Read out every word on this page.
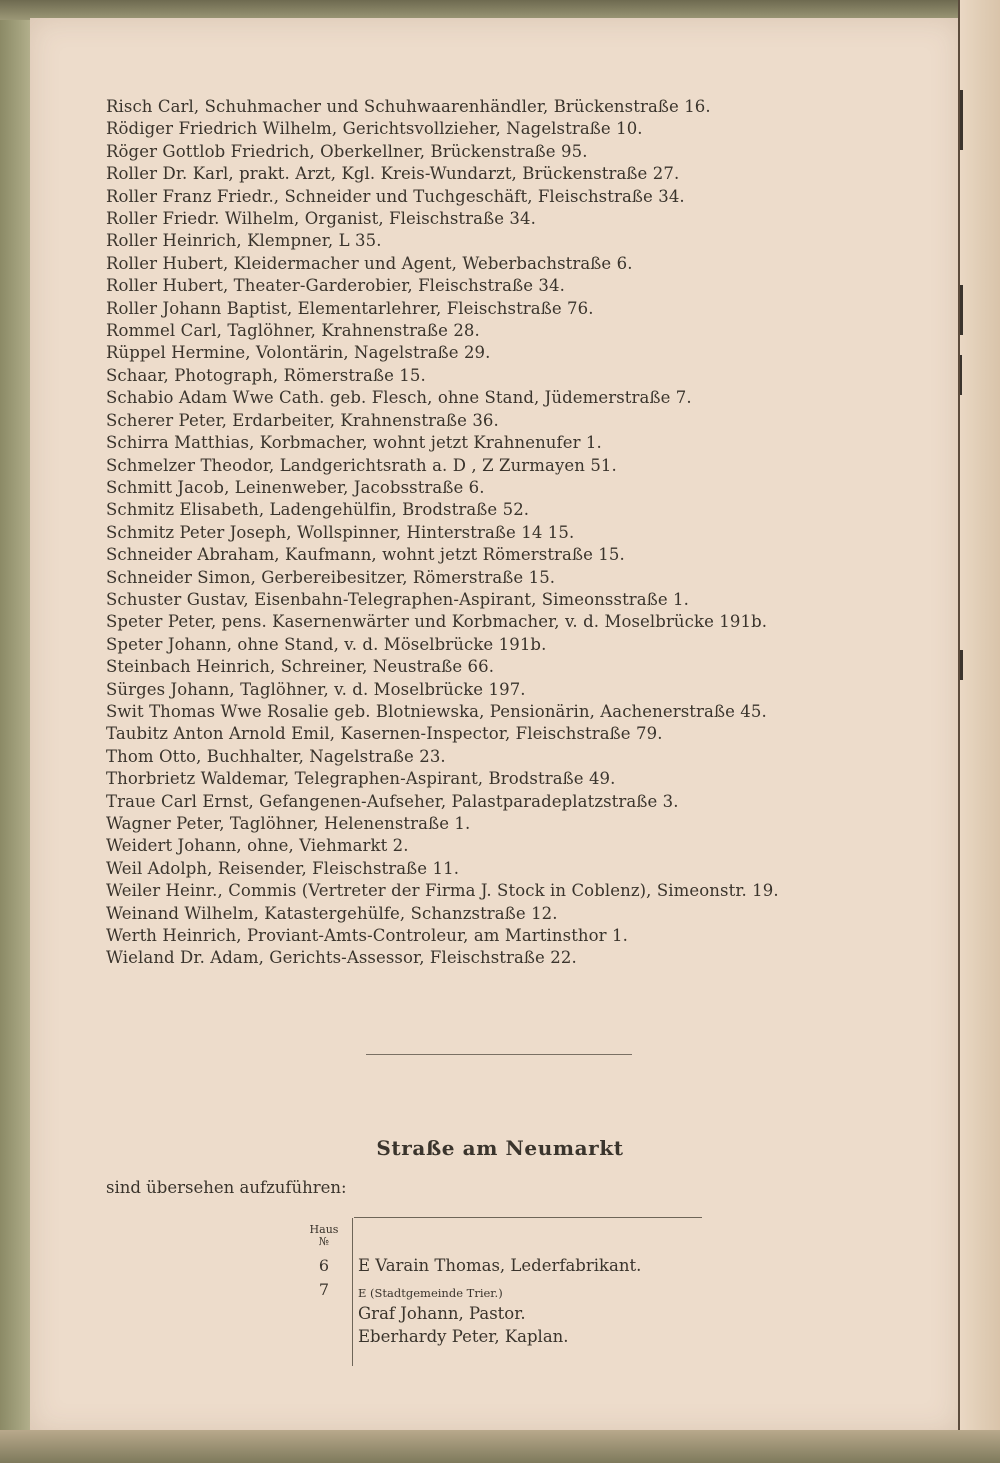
Risch Carl, Schuhmacher und Schuhwaarenhändler, Brückenstraße 16.
Rödiger Friedrich Wilhelm, Gerichtsvollzieher, Nagelstraße 10.
Röger Gottlob Friedrich, Oberkellner, Brückenstraße 95.
Roller Dr. Karl, prakt. Arzt, Kgl. Kreis-Wundarzt, Brückenstraße 27.
Roller Franz Friedr., Schneider und Tuchgeschäft, Fleischstraße 34.
Roller Friedr. Wilhelm, Organist, Fleischstraße 34.
Roller Heinrich, Klempner, L 35.
Roller Hubert, Kleidermacher und Agent, Weberbachstraße 6.
Roller Hubert, Theater-Garderobier, Fleischstraße 34.
Roller Johann Baptist, Elementarlehrer, Fleischstraße 76.
Rommel Carl, Taglöhner, Krahnenstraße 28.
Rüppel Hermine, Volontärin, Nagelstraße 29.
Schaar, Photograph, Römerstraße 15.
Schabio Adam Wwe Cath. geb. Flesch, ohne Stand, Jüdemerstraße 7.
Scherer Peter, Erdarbeiter, Krahnenstraße 36.
Schirra Matthias, Korbmacher, wohnt jetzt Krahnenufer 1.
Schmelzer Theodor, Landgerichtsrath a. D , Z Zurmayen 51.
Schmitt Jacob, Leinenweber, Jacobsstraße 6.
Schmitz Elisabeth, Ladengehülfin, Brodstraße 52.
Schmitz Peter Joseph, Wollspinner, Hinterstraße 14 15.
Schneider Abraham, Kaufmann, wohnt jetzt Römerstraße 15.
Schneider Simon, Gerbereibesitzer, Römerstraße 15.
Schuster Gustav, Eisenbahn-Telegraphen-Aspirant, Simeonsstraße 1.
Speter Peter, pens. Kasernenwärter und Korbmacher, v. d. Moselbrücke 191b.
Speter Johann, ohne Stand, v. d. Möselbrücke 191b.
Steinbach Heinrich, Schreiner, Neustraße 66.
Sürges Johann, Taglöhner, v. d. Moselbrücke 197.
Swit Thomas Wwe Rosalie geb. Blotniewska, Pensionärin, Aachenerstraße 45.
Taubitz Anton Arnold Emil, Kasernen-Inspector, Fleischstraße 79.
Thom Otto, Buchhalter, Nagelstraße 23.
Thorbrietz Waldemar, Telegraphen-Aspirant, Brodstraße 49.
Traue Carl Ernst, Gefangenen-Aufseher, Palastparadeplatzstraße 3.
Wagner Peter, Taglöhner, Helenenstraße 1.
Weidert Johann, ohne, Viehmarkt 2.
Weil Adolph, Reisender, Fleischstraße 11.
Weiler Heinr., Commis (Vertreter der Firma J. Stock in Coblenz), Simeonstr. 19.
Weinand Wilhelm, Katastergehülfe, Schanzstraße 12.
Werth Heinrich, Proviant-Amts-Controleur, am Martinsthor 1.
Wieland Dr. Adam, Gerichts-Assessor, Fleischstraße 22.
Straße am Neumarkt
sind übersehen aufzuführen:
Haus
№
6	E Varain Thomas, Lederfabrikant.
7	E (Stadtgemeinde Trier.)
Graf Johann, Pastor.
Eberhardy Peter, Kaplan.
